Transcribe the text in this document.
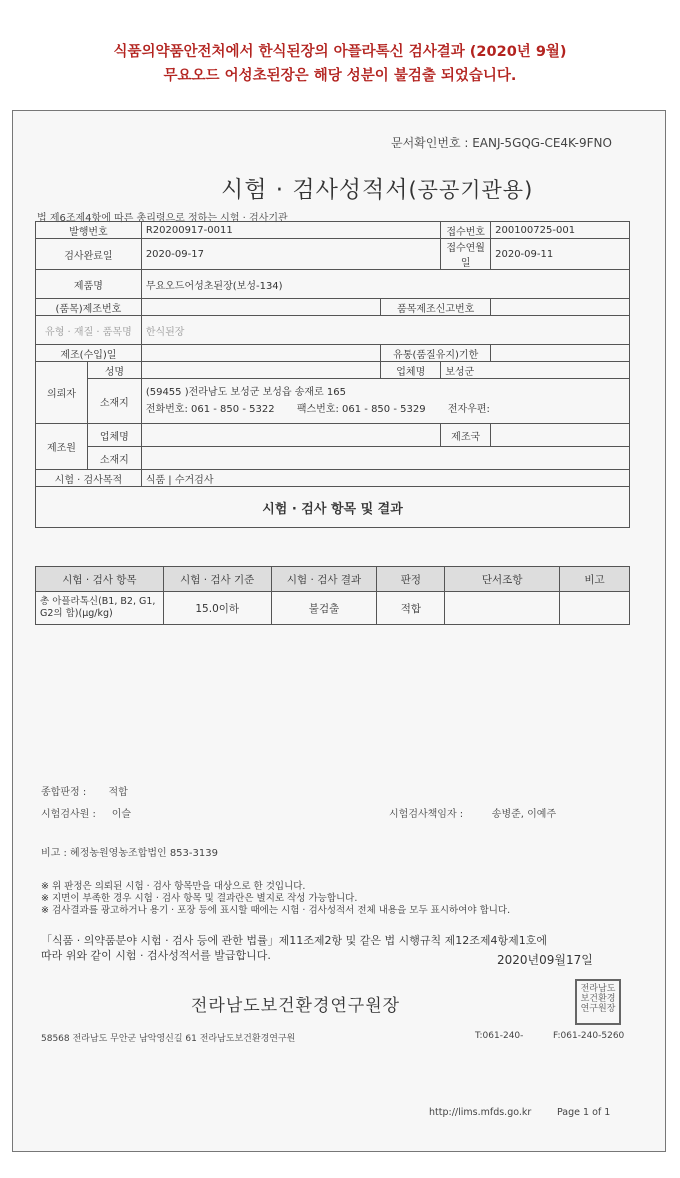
식품의약품안전처에서 한식된장의 아플라톡신 검사결과 (2020년 9월)
무요오드 어성초된장은 해당 성분이 불검출 되었습니다.
문서확인번호 : EANJ-5GQG-CE4K-9FNO
시험 · 검사성적서(공공기관용)
법 제6조제4항에 따른 총리령으로 정하는 시험 · 검사기관
발행번호		R20200917-0011		접수번호	200100725-001
검사완료일		2020-09-17		접수연월일	2020-09-11
제품명		무요오드어성초된장(보성-134)			
(품목)제조번호			품목제조신고번호		
유형 · 재질 · 품목명		한식된장			
제조(수입)일			유통(품질유지)기한		
의뢰자	성명		업체명	보성군	
	소재지	(59455 )전라남도 보성군 보성읍 송재로 165
전화번호: 061 - 850 - 5322 팩스번호: 061 - 850 - 5329 전자우편:			

제조원	업체명			제조국	
	소재지				
시험 · 검사목적		식품 | 수거검사			
시험 · 검사 항목 및 결과					
시험 · 검사 항목	시험 · 검사 기준	시험 · 검사 결과	판정	단서조항	비고
총 아플라톡신(B1, B2, G1, G2의 합)(μg/kg)	15.0이하	불검출	적합		
종합판정 : 적합
시험검사원 : 이슬	시험검사책임자 :	송병준, 이예주
비고 : 혜정농원영농조합법인 853-3139
※ 위 판정은 의뢰된 시험 · 검사 항목만을 대상으로 한 것입니다.
※ 지면이 부족한 경우 시험 · 검사 항목 및 결과란은 별지로 작성 가능합니다.
※ 검사결과를 광고하거나 용기 · 포장 등에 표시할 때에는 시험 · 검사성적서 전체 내용을 모두 표시하여야 합니다.
「식품 · 의약품분야 시험 · 검사 등에 관한 법률」제11조제2항 및 같은 법 시행규칙 제12조제4항제1호에
따라 위와 같이 시험 · 검사성적서를 발급합니다.	2020년09월17일
전라남도보건환경연구원장
전라남도
보건환경
연구원장
58568 전라남도 무안군 남악영신길 61 전라남도보건환경연구원	T:061-240-	F:061-240-5260
http://lims.mfds.go.kr	Page 1 of 1
